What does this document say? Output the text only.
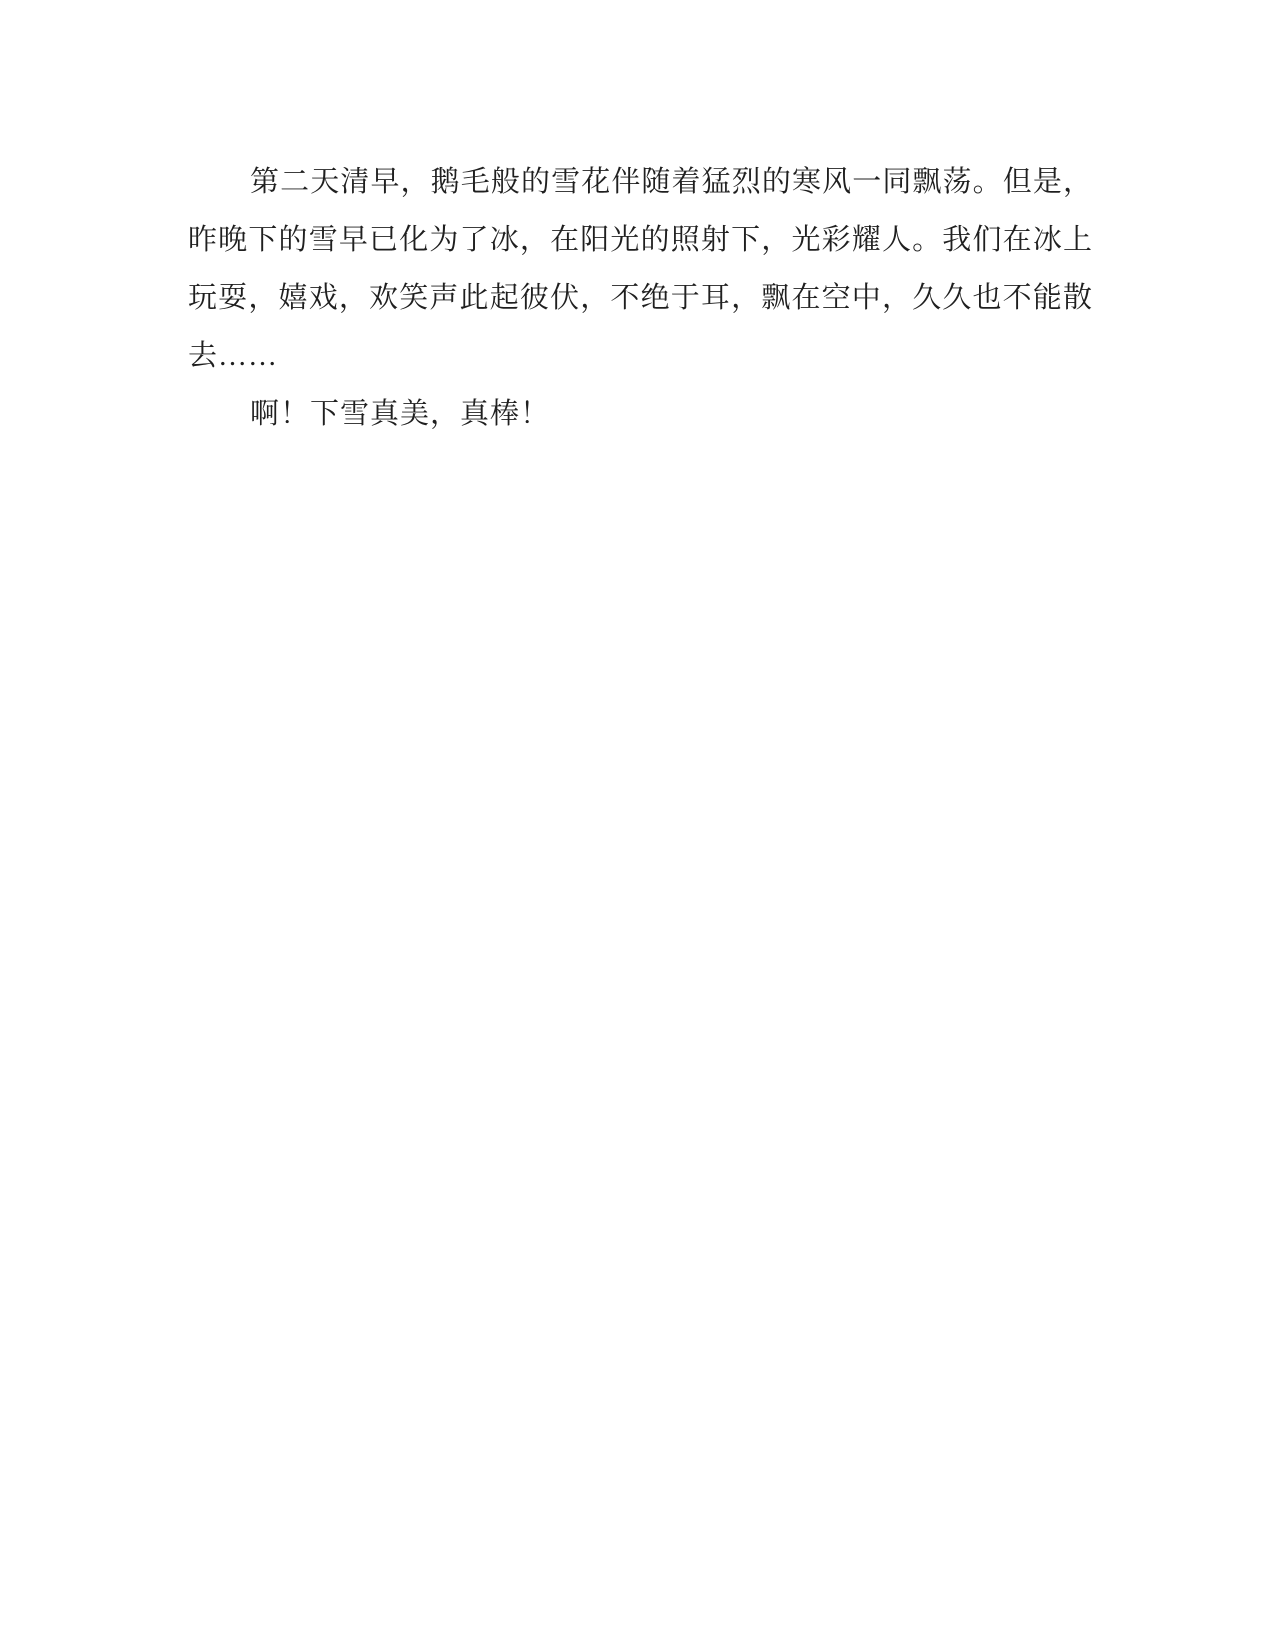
第二天清早，鹅毛般的雪花伴随着猛烈的寒风一同飘荡。但是，
昨晚下的雪早已化为了冰，在阳光的照射下，光彩耀人。我们在冰上
玩耍，嬉戏，欢笑声此起彼伏，不绝于耳，飘在空中，久久也不能散
去……
啊！下雪真美，真棒！
